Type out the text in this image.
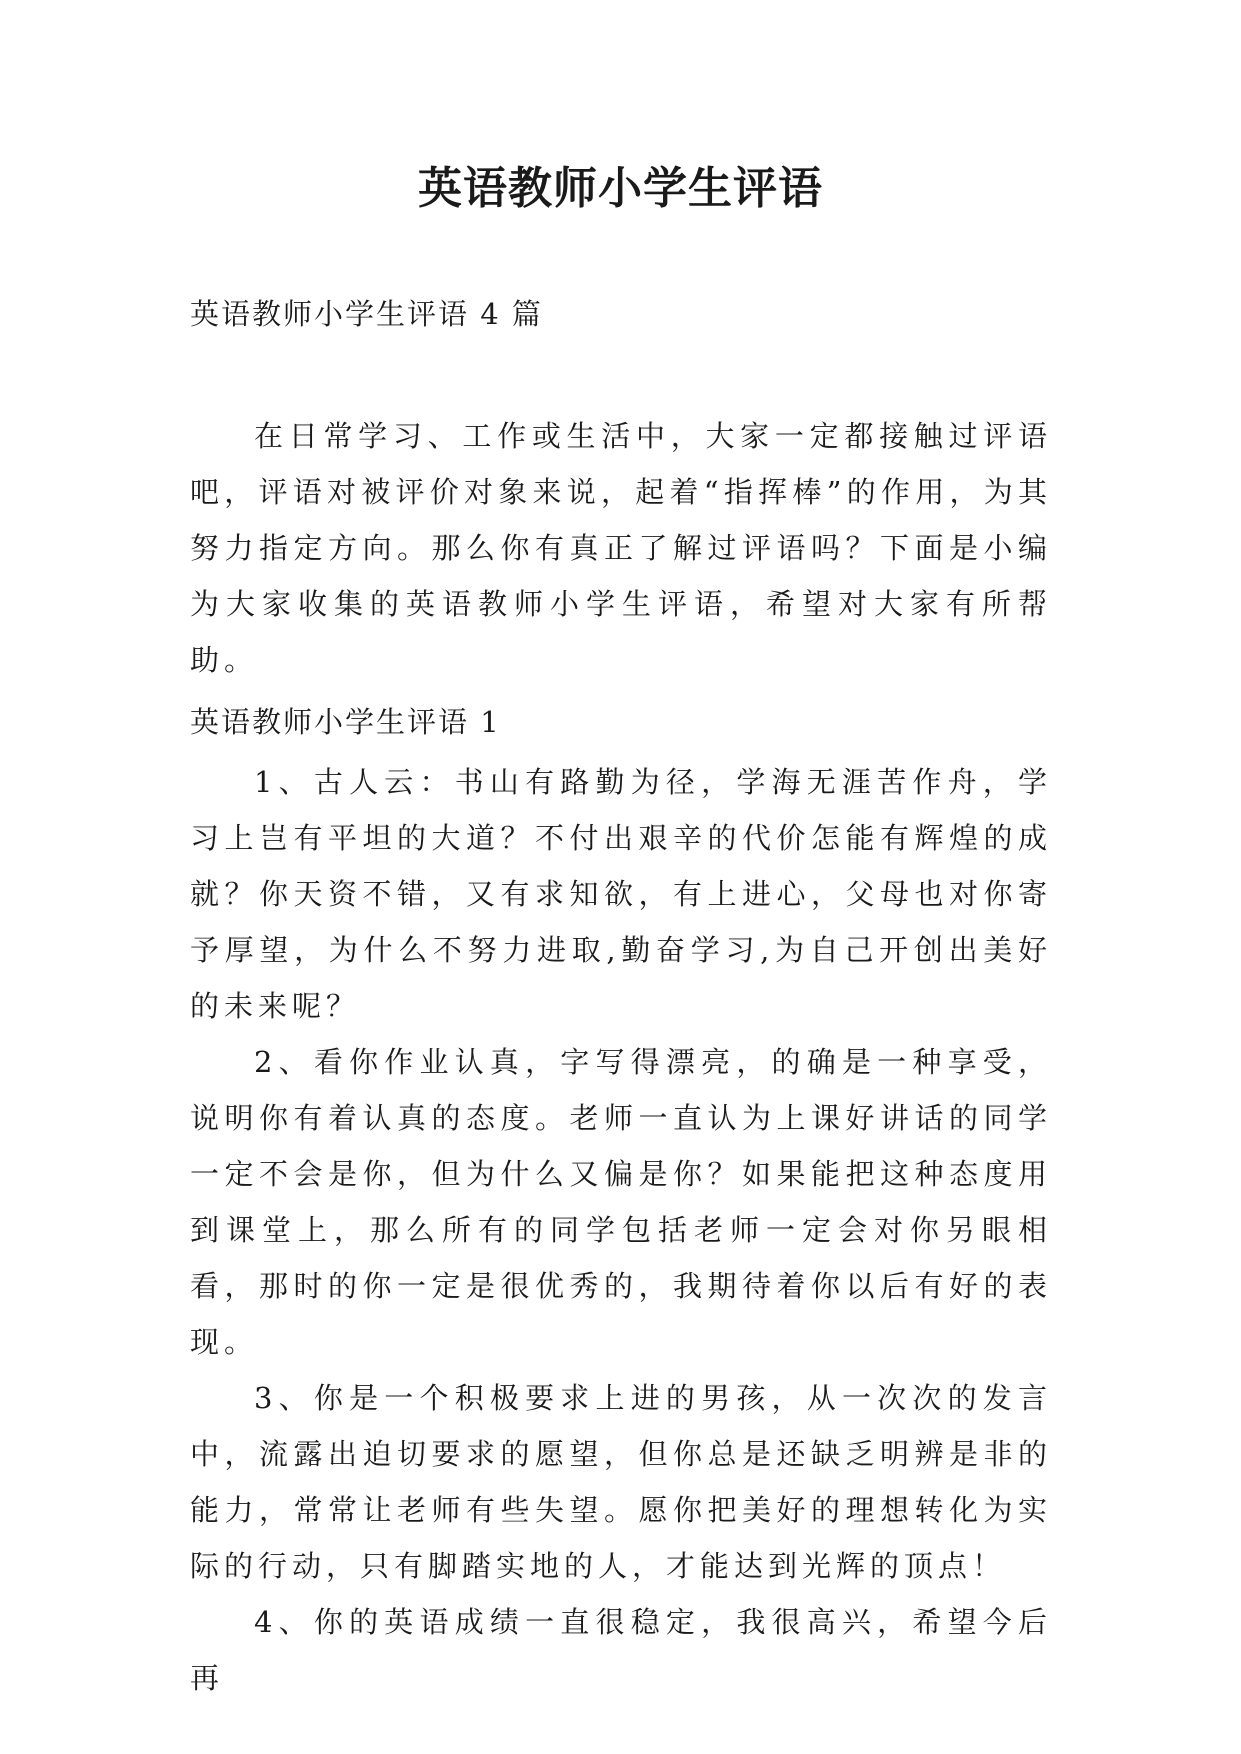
英语教师小学生评语
英语教师小学生评语 4 篇

在日常学习、工作或生活中，大家一定都接触过评语吧，评语对被评价对象来说，起着“指挥棒”的作用，为其努力指定方向。那么你有真正了解过评语吗？下面是小编为大家收集的英语教师小学生评语，希望对大家有所帮助。

英语教师小学生评语 1

1、古人云：书山有路勤为径，学海无涯苦作舟，学习上岂有平坦的大道？不付出艰辛的代价怎能有辉煌的成就？你天资不错，又有求知欲，有上进心，父母也对你寄予厚望，为什么不努力进取,勤奋学习,为自己开创出美好的未来呢？

2、看你作业认真，字写得漂亮，的确是一种享受，说明你有着认真的态度。老师一直认为上课好讲话的同学一定不会是你，但为什么又偏是你？如果能把这种态度用到课堂上，那么所有的同学包括老师一定会对你另眼相看，那时的你一定是很优秀的，我期待着你以后有好的表现。

3、你是一个积极要求上进的男孩，从一次次的发言中，流露出迫切要求的愿望，但你总是还缺乏明辨是非的能力，常常让老师有些失望。愿你把美好的理想转化为实际的行动，只有脚踏实地的人，才能达到光辉的顶点！

4、你的英语成绩一直很稳定，我很高兴，希望今后再
